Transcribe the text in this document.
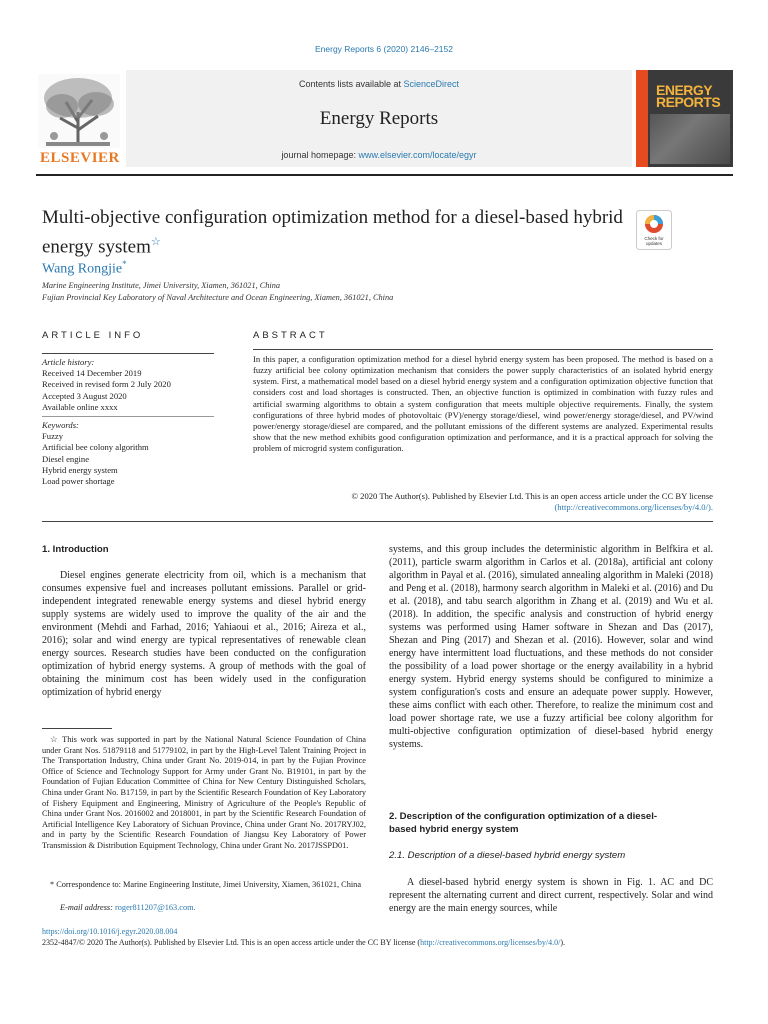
Energy Reports 6 (2020) 2146–2152
ELSEVIER
Contents lists available at ScienceDirect
Energy Reports
journal homepage: www.elsevier.com/locate/egyr
ENERGY
REPORTS
Multi-objective configuration optimization method for a diesel-based hybrid energy system☆	Check for
updates
Wang Rongjie*
Marine Engineering Institute, Jimei University, Xiamen, 361021, China
Fujian Provincial Key Laboratory of Naval Architecture and Ocean Engineering, Xiamen, 361021, China
ARTICLE INFO
Article history:
Received 14 December 2019
Received in revised form 2 July 2020
Accepted 3 August 2020
Available online xxxx
Keywords:
Fuzzy
Artificial bee colony algorithm
Diesel engine
Hybrid energy system
Load power shortage
ABSTRACT
In this paper, a configuration optimization method for a diesel hybrid energy system has been proposed. The method is based on a fuzzy artificial bee colony optimization mechanism that considers the power supply characteristics of an isolated hybrid energy system. First, a mathematical model based on a diesel hybrid energy system and a configuration optimization objective function that considers cost and load shortages is constructed. Then, an objective function is optimized in combination with fuzzy rules and artificial swarming algorithms to obtain a system configuration that meets multiple objective requirements. Finally, the system configurations of three hybrid modes of photovoltaic (PV)/energy storage/diesel, wind power/energy storage/diesel, and PV/wind power/energy storage/diesel are compared, and the pollutant emissions of the different systems are analyzed. Experimental results show that the new method exhibits good configuration optimization and performance, and it is a practical approach for solving the problem of microgrid system configuration.
© 2020 The Author(s). Published by Elsevier Ltd. This is an open access article under the CC BY license
(http://creativecommons.org/licenses/by/4.0/).
1. Introduction
Diesel engines generate electricity from oil, which is a mechanism that consumes expensive fuel and increases pollutant emissions. Parallel or grid-independent integrated renewable energy systems and diesel hybrid energy supply systems are widely used to improve the quality of the air and the environment (Mehdi and Farhad, 2016; Yahiaoui et al., 2016; Aireza et al., 2016); solar and wind energy are typical representatives of renewable clean energy sources. Research studies have been conducted on the configuration optimization of hybrid energy systems. A group of methods with the goal of obtaining the minimum cost has been widely used in the configuration optimization of hybrid energy
☆ This work was supported in part by the National Natural Science Foundation of China under Grant Nos. 51879118 and 51779102, in part by the High-Level Talent Training Project in The Transportation Industry, China under Grant No. 2019-014, in part by the Fujian Province Office of Science and Technology Support for Army under Grant No. B19101, in part by the Foundation of Fujian Education Committee of China for New Century Distinguished Scholars, China under Grant No. B17159, in part by the Scientific Research Foundation of Key Laboratory of Fishery Equipment and Engineering, Ministry of Agriculture of the People's Republic of China under Grant Nos. 2016002 and 2018001, in part by the Scientific Research Foundation of Artificial Intelligence Key Laboratory of Sichuan Province, China under Grant No. 2017RYJ02, and in party by the Scientific Research Foundation of Jiangsu Key Laboratory of Power Transmission & Distribution Equipment Technology, China under Grant No. 2017JSSPD01.
* Correspondence to: Marine Engineering Institute, Jimei University, Xiamen, 361021, China
E-mail address: roger811207@163.com.
systems, and this group includes the deterministic algorithm in Belfkira et al. (2011), particle swarm algorithm in Carlos et al. (2018a), artificial ant colony algorithm in Payal et al. (2016), simulated annealing algorithm in Maleki (2018) and Peng et al. (2018), harmony search algorithm in Maleki et al. (2016) and Du et al. (2018), and tabu search algorithm in Zhang et al. (2019) and Wu et al. (2018). In addition, the specific analysis and construction of hybrid energy systems was performed using Hamer software in Shezan and Das (2017), Shezan and Ping (2017) and Shezan et al. (2016). However, solar and wind energy have intermittent load fluctuations, and these methods do not consider the possibility of a load power shortage or the energy availability in a hybrid energy system. Hybrid energy systems should be configured to minimize a system configuration's costs and ensure an adequate power supply. However, these aims conflict with each other. Therefore, to realize the minimum cost and load power shortage rate, we use a fuzzy artificial bee colony algorithm for multi-objective configuration optimization of diesel-based hybrid energy systems.
2. Description of the configuration optimization of a diesel-
based hybrid energy system
2.1. Description of a diesel-based hybrid energy system
A diesel-based hybrid energy system is shown in Fig. 1. AC and DC represent the alternating current and direct current, respectively. Solar and wind energy are the main energy sources, while
https://doi.org/10.1016/j.egyr.2020.08.004
2352-4847/© 2020 The Author(s). Published by Elsevier Ltd. This is an open access article under the CC BY license (http://creativecommons.org/licenses/by/4.0/).
